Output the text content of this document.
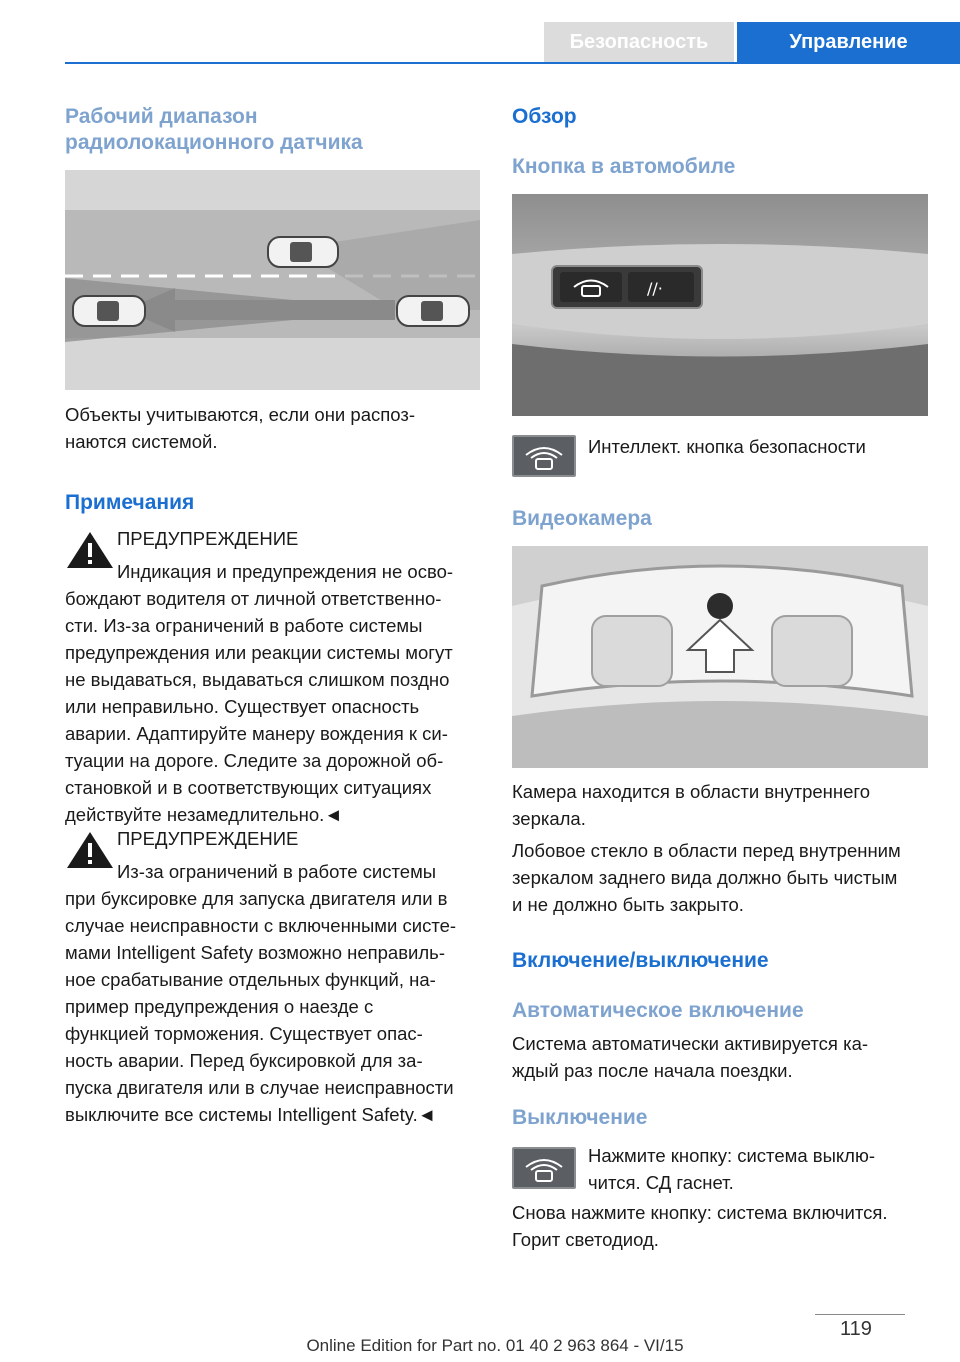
Безопасность	Управление
Рабочий диапазон
радиолокационного датчика
Объекты учитываются, если они распоз-
наются системой.
Примечания
ПРЕДУПРЕЖДЕНИЕ
Индикация и предупреждения не осво-
бождают водителя от личной ответственно-
сти. Из-за ограничений в работе системы
предупреждения или реакции системы могут
не выдаваться, выдаваться слишком поздно
или неправильно. Существует опасность
аварии. Адаптируйте манеру вождения к си-
туации на дороге. Следите за дорожной об-
становкой и в соответствующих ситуациях
действуйте незамедлительно.◄
ПРЕДУПРЕЖДЕНИЕ
Из-за ограничений в работе системы
при буксировке для запуска двигателя или в
случае неисправности с включенными систе-
мами Intelligent Safety возможно неправиль-
ное срабатывание отдельных функций, на-
пример предупреждения о наезде с
функцией торможения. Существует опас-
ность аварии. Перед буксировкой для за-
пуска двигателя или в случае неисправности
выключите все системы Intelligent Safety.◄
Обзор
Кнопка в автомобиле
//·
Интеллект. кнопка безопасности
Видеокамера
Камера находится в области внутреннего
зеркала.
Лобовое стекло в области перед внутренним
зеркалом заднего вида должно быть чистым
и не должно быть закрыто.
Включение/выключение
Автоматическое включение
Система автоматически активируется ка-
ждый раз после начала поездки.
Выключение
Нажмите кнопку: система выклю-
чится. СД гаснет.
Снова нажмите кнопку: система включится.
Горит светодиод.
119
Online Edition for Part no. 01 40 2 963 864 - VI/15
